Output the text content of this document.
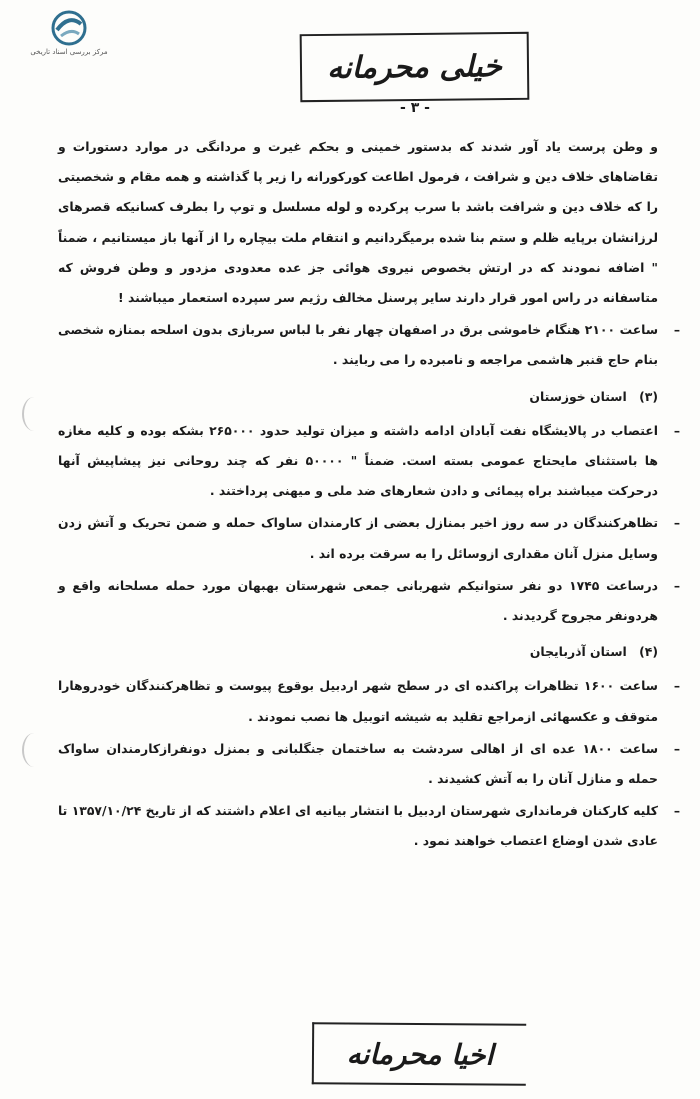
مرکز بررسی اسناد تاریخی	خیلی محرمانه
- ۳ -

و وطن پرست یاد آور شدند که بدستور خمینی و بحکم غیرت و مردانگی در موارد دستورات و تقاضاهای خلاف دین و شرافت ، فرمول اطاعت کورکورانه را زیر پا گذاشته و همه مقام و شخصیتی را که خلاف دین و شرافت باشد با سرب پرکرده و لوله مسلسل و توپ را بطرف کسانیکه قصرهای لرزانشان برپایه ظلم و ستم بنا شده برمیگردانیم و انتقام ملت بیچاره را از آنها باز میستانیم ، ضمناً " اضافه نمودند که در ارتش بخصوص نیروی هوائی جز عده معدودی مزدور و وطن فروش که متاسفانه در راس امور قرار دارند سایر پرسنل مخالف رژیم سر سپرده استعمار میباشند !

–

ساعت ۲۱۰۰ هنگام خاموشی برق در اصفهان چهار نفر با لباس سربازی بدون اسلحه بمنازه شخصی بنام حاج قنبر هاشمی مراجعه و نامبرده را می ربایند .

(۳) استان خوزستان
–

اعتصاب در پالایشگاه نفت آبادان ادامه داشته و میزان تولید حدود ۲۶۵۰۰۰ بشکه بوده و کلیه مغازه ها باستثنای مایحتاج عمومی بسته است. ضمناً " ۵۰۰۰۰ نفر که چند روحانی نیز پیشاپیش آنها درحرکت میباشند براه پیمائی و دادن شعارهای ضد ملی و میهنی پرداختند .

–

تظاهرکنندگان در سه روز اخیر بمنازل بعضی از کارمندان ساواک حمله و ضمن تحریک و آتش زدن وسایل منزل آنان مقداری ازوسائل را به سرقت برده اند .

–

درساعت ۱۷۴۵ دو نفر ستوانیکم شهربانی جمعی شهرستان بهبهان مورد حمله مسلحانه واقع و هردونفر مجروح گردیدند .

(۴) استان آذربایجان
–

ساعت ۱۶۰۰ تظاهرات پراکنده ای در سطح شهر اردبیل بوقوع پیوست و تظاهرکنندگان خودروهارا متوقف و عکسهائی ازمراجع تقلید به شیشه اتوبیل ها نصب نمودند .

–

ساعت ۱۸۰۰ عده ای از اهالی سردشت به ساختمان جنگلبانی و بمنزل دونفرازکارمندان ساواک حمله و منازل آنان را به آتش کشیدند .

–

کلیه کارکنان فرمانداری شهرستان اردبیل با انتشار بیانیه ای اعلام داشتند که از تاریخ ۱۳۵۷/۱۰/۲۴ تا عادی شدن اوضاع اعتصاب خواهند نمود .

اخیا محرمانه
